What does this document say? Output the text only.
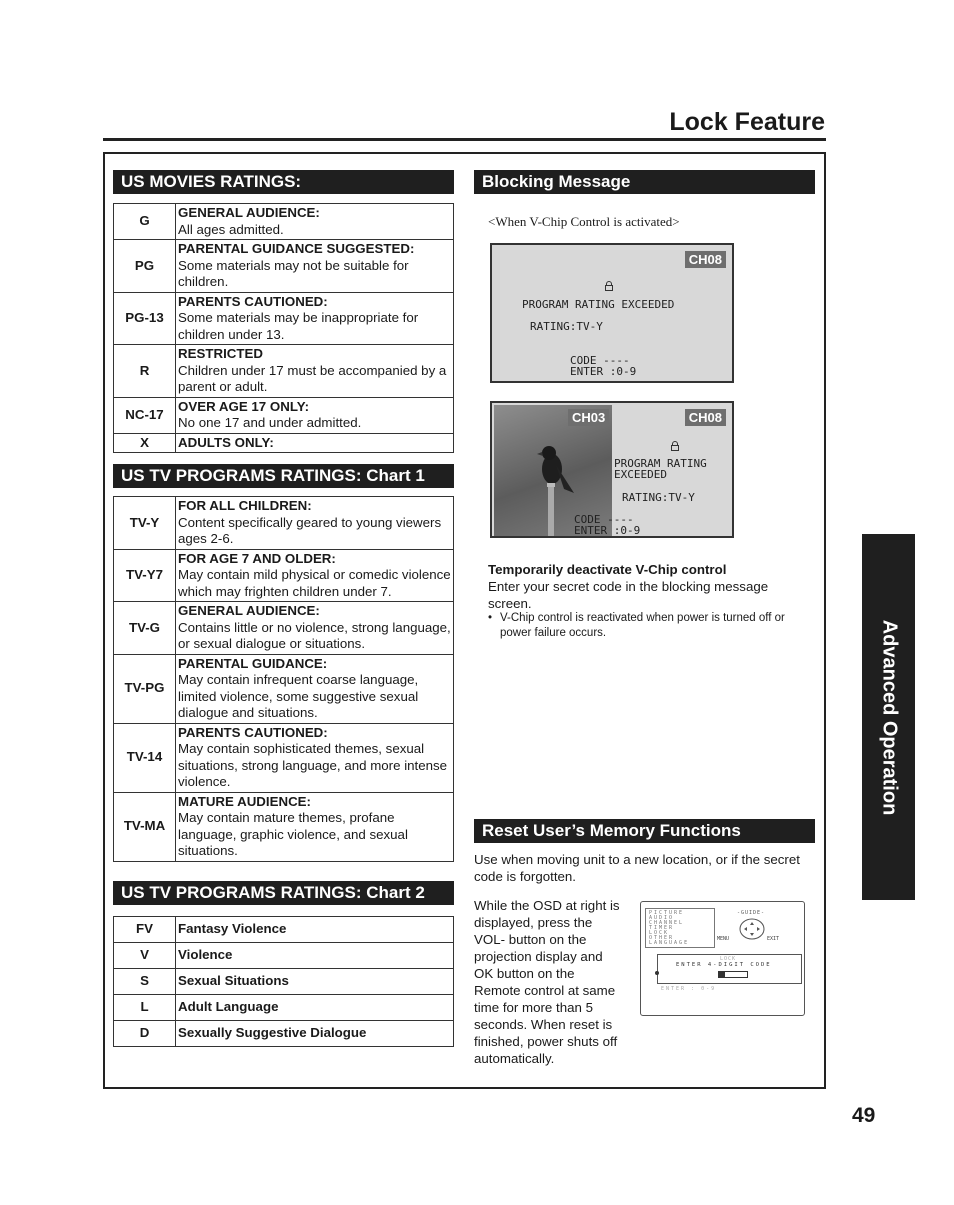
Lock Feature
US MOVIES RATINGS:
G	GENERAL AUDIENCE:
All ages admitted.
PG	PARENTAL GUIDANCE SUGGESTED:
Some materials may not be suitable for children.
PG-13	PARENTS CAUTIONED:
Some materials may be inappropriate for children under 13.
R	RESTRICTED
Children under 17 must be accompanied by a parent or adult.
NC-17	OVER AGE 17 ONLY:
No one 17 and under admitted.
X	ADULTS ONLY:
US TV PROGRAMS RATINGS: Chart 1
TV-Y	FOR ALL CHILDREN:
Content specifically geared to young viewers ages 2-6.
TV-Y7	FOR AGE 7 AND OLDER:
May contain mild physical or comedic violence which may frighten children under 7.
TV-G	GENERAL AUDIENCE:
Contains little or no violence, strong language, or sexual dialogue or situations.
TV-PG	PARENTAL GUIDANCE:
May contain infrequent coarse language, limited violence, some suggestive sexual dialogue and situations.
TV-14	PARENTS CAUTIONED:
May contain sophisticated themes, sexual situations, strong language, and more intense violence.
TV-MA	MATURE AUDIENCE:
May contain mature themes, profane language, graphic violence, and sexual situations.
US TV PROGRAMS RATINGS: Chart 2
FV	Fantasy Violence
V	Violence
S	Sexual Situations
L	Adult Language
D	Sexually Suggestive Dialogue
Blocking Message
<When V-Chip Control is activated>
CH08
PROGRAM RATING EXCEEDED
RATING:TV-Y
CODE ----
ENTER :0-9
CH03	CH08
PROGRAM RATING
EXCEEDED
RATING:TV-Y
CODE ----
ENTER :0-9
Temporarily deactivate V-Chip control
Enter your secret code in the blocking message screen.
• V-Chip control is reactivated when power is turned off or power failure occurs.
Reset User’s Memory Functions
Use when moving unit to a new location, or if the secret code is forgotten.
While the OSD at right is displayed, press the VOL- button on the projection display and OK button on the Remote control at same time for more than 5 seconds. When reset is finished, power shuts off automatically.
PICTURE
AUDIO
CHANNEL
TIMER
LOCK
OTHER
LANGUAGE
-GUIDE-
MENU	EXIT
LOCK
ENTER 4-DIGIT CODE
ENTER : 0-9
Advanced Operation
49
